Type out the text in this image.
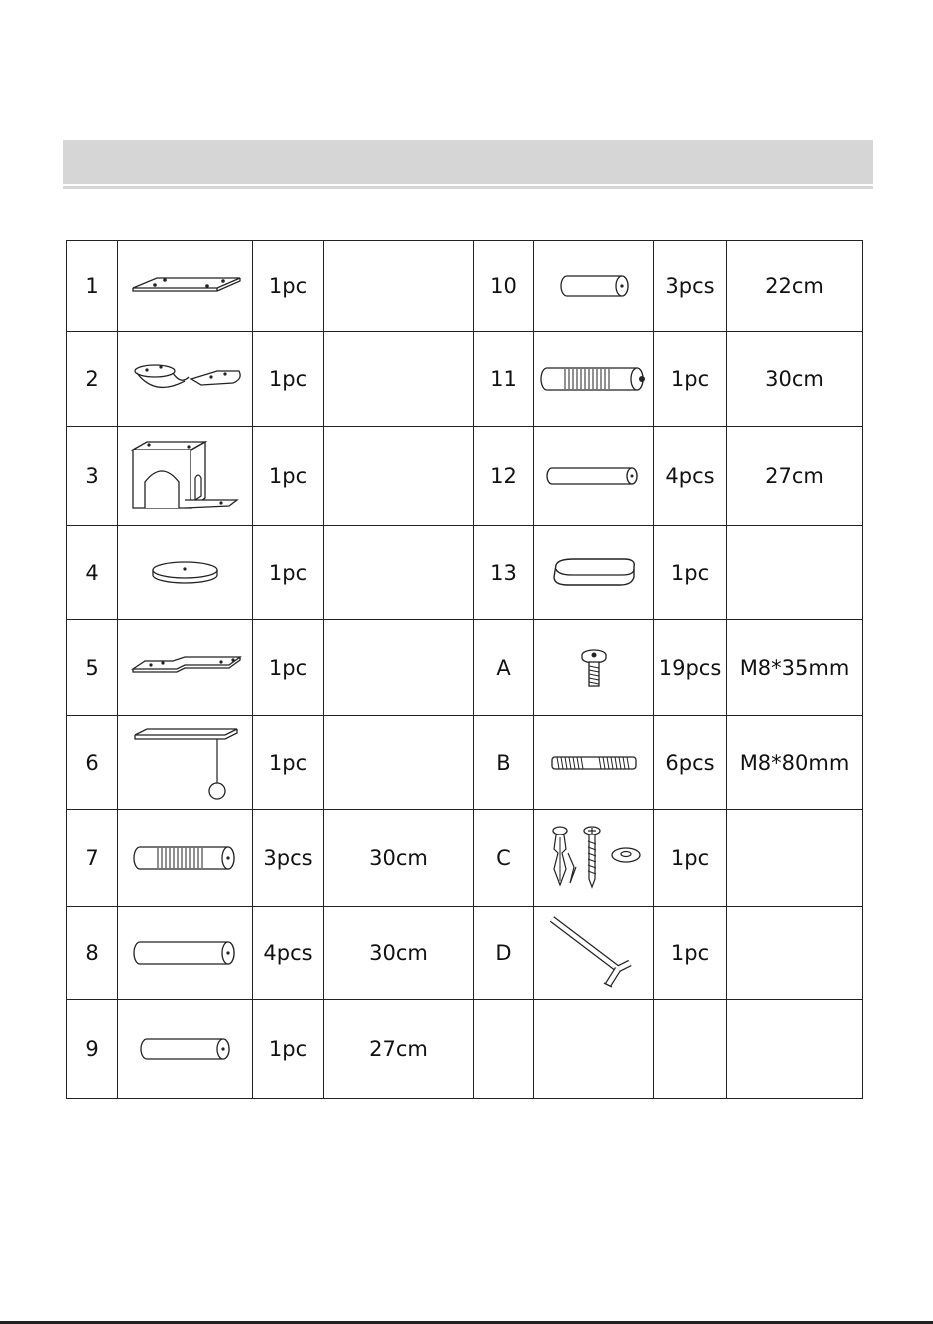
1		1pc		10		3pcs	22cm
2		1pc		11		1pc	30cm
3		1pc		12		4pcs	27cm
4		1pc		13		1pc	
5		1pc		A		19pcs	M8*35mm
6		1pc		B		6pcs	M8*80mm
7		3pcs	30cm	C		1pc	
8		4pcs	30cm	D		1pc	
9		1pc	27cm				
